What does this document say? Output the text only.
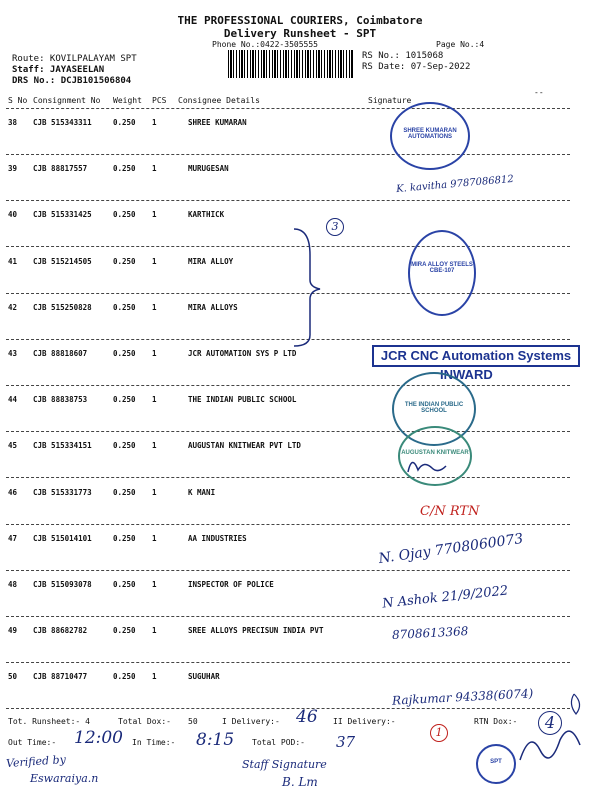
THE PROFESSIONAL COURIERS, Coimbatore
Delivery Runsheet - SPT
Phone No.:0422-3505555	Page No.:4
Route: KOVILPALAYAM SPT
Staff: JAYASEELAN
DRS No.: DCJB101506804
RS No.: 1015068
RS Date: 07-Sep-2022
S No Consignment No Weight PCS Consignee Details	Signature
--
38 CJB 515343311	0.250 1	SHREE KUMARAN
39 CJB 88817557	0.250 1	MURUGESAN
40 CJB 515331425	0.250 1	KARTHICK
41 CJB 515214505	0.250 1	MIRA ALLOY
42 CJB 515250828	0.250 1	MIRA ALLOYS
43 CJB 88818607	0.250 1	JCR AUTOMATION SYS P LTD
44 CJB 88838753	0.250 1	THE INDIAN PUBLIC SCHOOL
45 CJB 515334151	0.250 1	AUGUSTAN KNITWEAR PVT LTD
46 CJB 515331773	0.250 1	K MANI
47 CJB 515014101	0.250 1	AA INDUSTRIES
48 CJB 515093078	0.250 1	INSPECTOR OF POLICE
49 CJB 88682782	0.250 1	SREE ALLOYS PRECISUN INDIA PVT
50 CJB 88710477	0.250 1	SUGUHAR
Tot. Runsheet:- 4	Total Dox:- 50	I Delivery:-	II Delivery:-	RTN Dox:-
Out Time:-	In Time:-	Total POD:-
46
12:00	8:15	37
4
1
K. kavitha 9787086812
N. Ojay 7708060073
N Ashok 21/9/2022
8708613368
C/N RTN
Rajkumar 94338(6074)
Verified by
Eswaraiya.n
Staff Signature
B. Lm
3
SHREE KUMARAN AUTOMATIONS
MIRA ALLOY STEELS CBE-107
JCR CNC Automation Systems
INWARD
THE INDIAN PUBLIC SCHOOL
AUGUSTAN KNITWEAR
SPT
